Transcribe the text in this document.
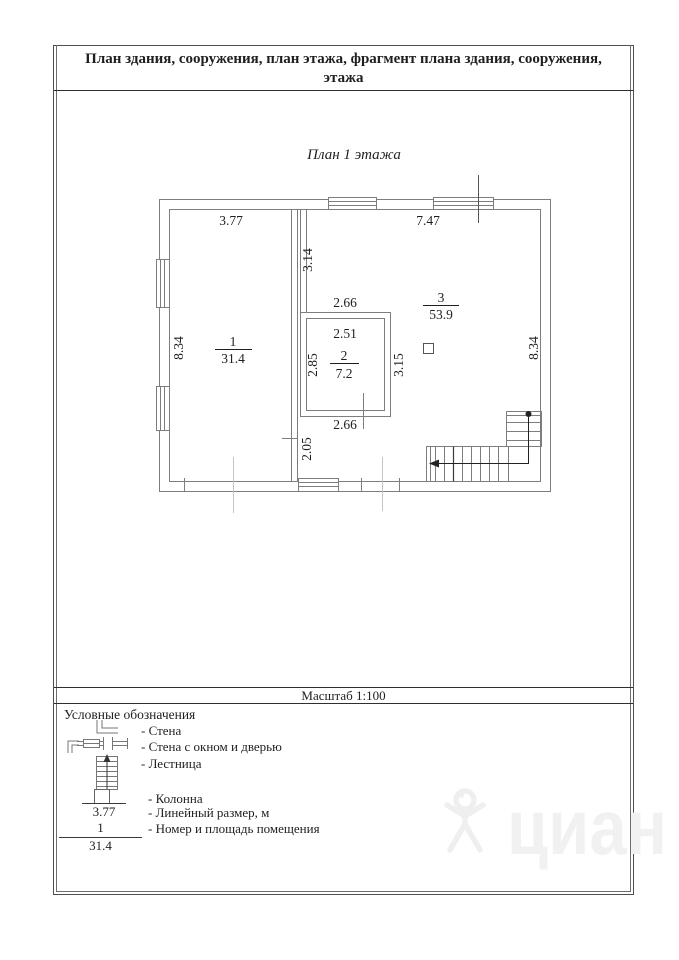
План здания, сооружения, план этажа, фрагмент плана здания, сооружения,
этажа
План 1 этажа
3.77	7.47
2.66
2.51
2.66
3.14
2.85	3.15
8.34	8.34
2.05
1
31.4	2
7.2
3
53.9
Масштаб 1:100
Условные обозначения
- Стена
- Стена с окном и дверью
- Лестница
- Колонна
3.77	- Линейный размер, м
1
31.4
- Номер и площадь помещения циан
